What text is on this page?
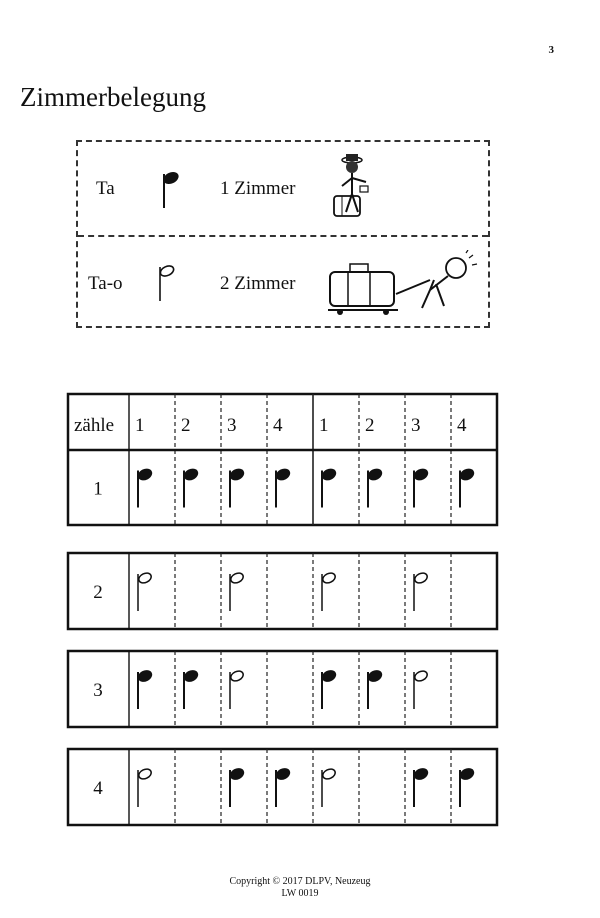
3
Zimmerbelegung
Ta	1 Zimmer
Ta-o	2 Zimmer
zähle 1 2 3 4 1 2 3 4
1
2
3
4
Copyright © 2017 DLPV, Neuzeug
LW 0019
